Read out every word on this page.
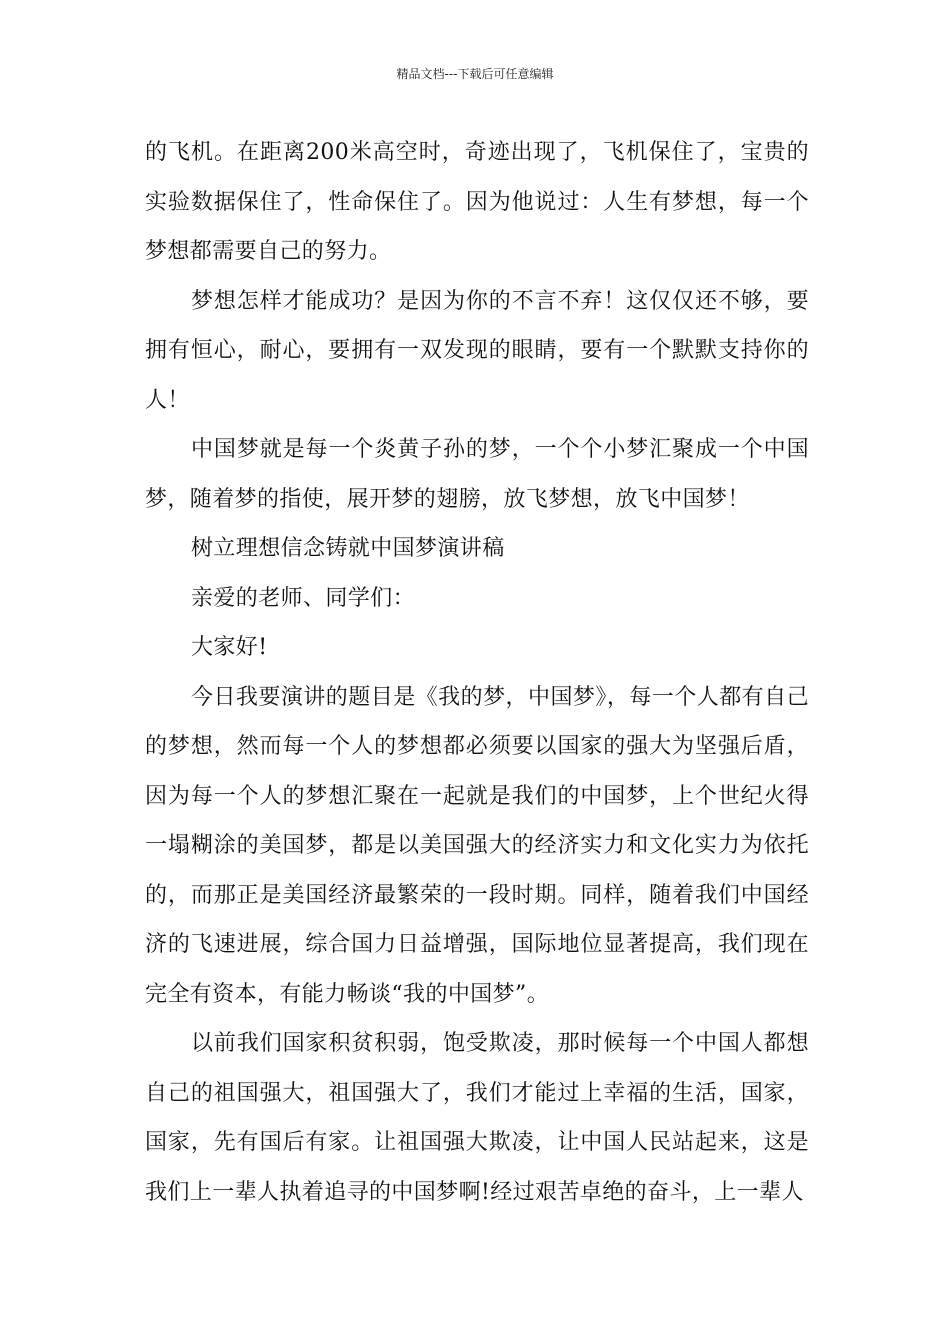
精品文档---下载后可任意编辑

的飞机。在距离200米高空时，奇迹出现了，飞机保住了，宝贵的实验数据保住了，性命保住了。因为他说过：人生有梦想，每一个梦想都需要自己的努力。

梦想怎样才能成功？是因为你的不言不弃！这仅仅还不够，要拥有恒心，耐心，要拥有一双发现的眼睛，要有一个默默支持你的人！

中国梦就是每一个炎黄子孙的梦，一个个小梦汇聚成一个中国梦，随着梦的指使，展开梦的翅膀，放飞梦想，放飞中国梦！

树立理想信念铸就中国梦演讲稿

亲爱的老师、同学们：

大家好!

今日我要演讲的题目是《我的梦，中国梦》，每一个人都有自己的梦想，然而每一个人的梦想都必须要以国家的强大为坚强后盾，因为每一个人的梦想汇聚在一起就是我们的中国梦，上个世纪火得一塌糊涂的美国梦，都是以美国强大的经济实力和文化实力为依托的，而那正是美国经济最繁荣的一段时期。同样，随着我们中国经济的飞速进展，综合国力日益增强，国际地位显著提高，我们现在完全有资本，有能力畅谈“我的中国梦”。

以前我们国家积贫积弱，饱受欺凌，那时候每一个中国人都想自己的祖国强大，祖国强大了，我们才能过上幸福的生活，国家，国家，先有国后有家。让祖国强大欺凌，让中国人民站起来，这是我们上一辈人执着追寻的中国梦啊!经过艰苦卓绝的奋斗，上一辈人
